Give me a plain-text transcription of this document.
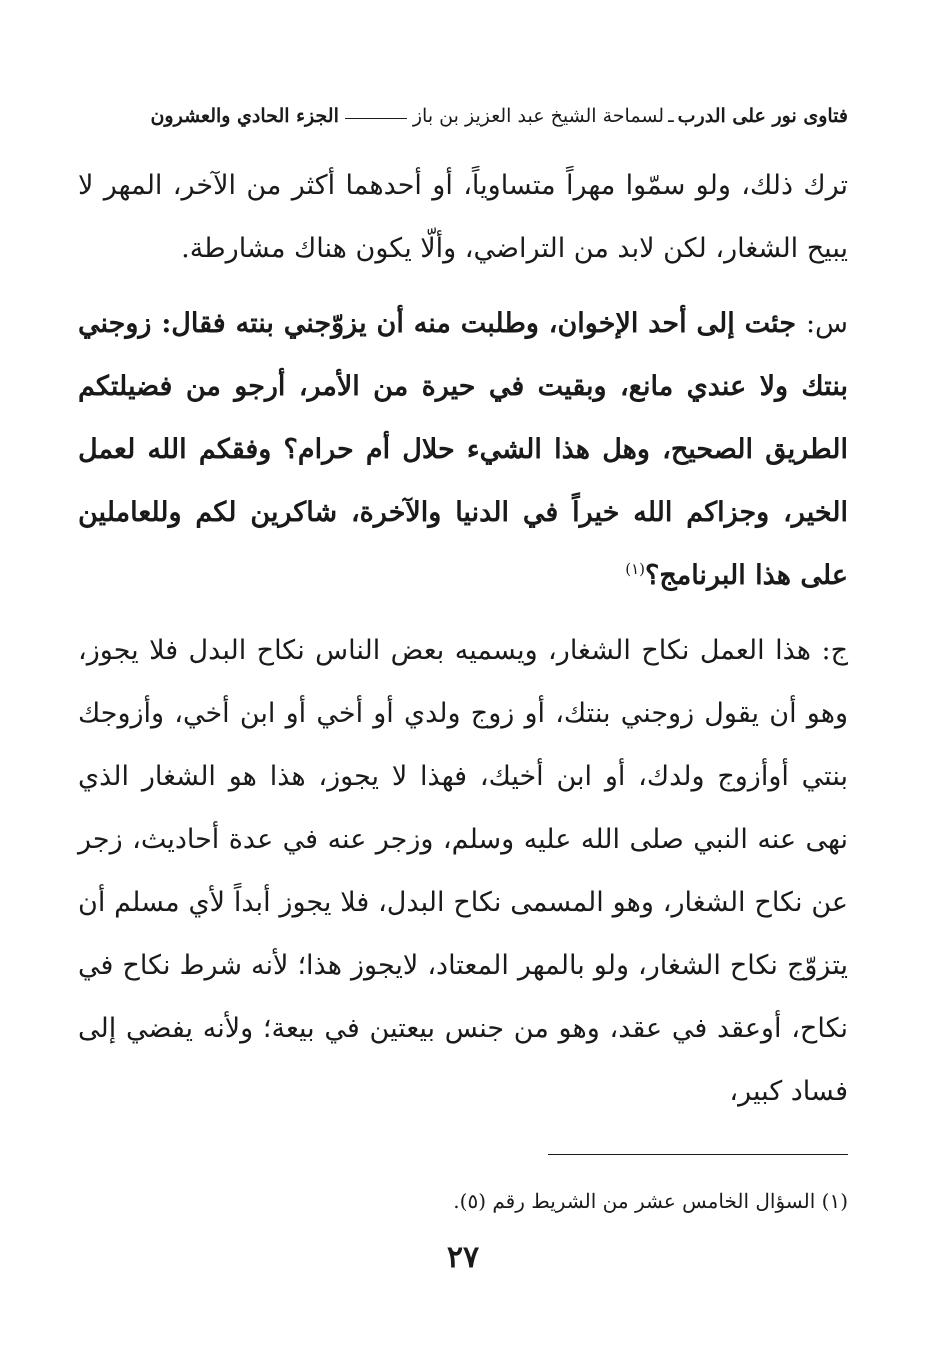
فتاوى نور على الدرب
ـ
لسماحة الشيخ عبد العزيز بن باز
الجزء الحادي والعشرون

ترك ذلك، ولو سمّوا مهراً متساوياً، أو أحدهما أكثر من الآخر، المهر لا يبيح الشغار، لكن لابد من التراضي، وألّا يكون هناك مشارطة.

س: جئت إلى أحد الإخوان، وطلبت منه أن يزوّجني بنته فقال: زوجني بنتك ولا عندي مانع، وبقيت في حيرة من الأمر، أرجو من فضيلتكم الطريق الصحيح، وهل هذا الشيء حلال أم حرام؟ وفقكم الله لعمل الخير، وجزاكم الله خيراً في الدنيا والآخرة، شاكرين لكم وللعاملين على هذا البرنامج؟$^{(١)}$

ج: هذا العمل نكاح الشغار، ويسميه بعض الناس نكاح البدل فلا يجوز، وهو أن يقول زوجني بنتك، أو زوج ولدي أو أخي أو ابن أخي، وأزوجك بنتي أوأزوج ولدك، أو ابن أخيك، فهذا لا يجوز، هذا هو الشغار الذي نهى عنه النبي صلى الله عليه وسلم، وزجر عنه في عدة أحاديث، زجر عن نكاح الشغار، وهو المسمى نكاح البدل، فلا يجوز أبداً لأي مسلم أن يتزوّج نكاح الشغار، ولو بالمهر المعتاد، لايجوز هذا؛ لأنه شرط نكاح في نكاح، أوعقد في عقد، وهو من جنس بيعتين في بيعة؛ ولأنه يفضي إلى فساد كبير،

(١) السؤال الخامس عشر من الشريط رقم (٥).
٢٧
